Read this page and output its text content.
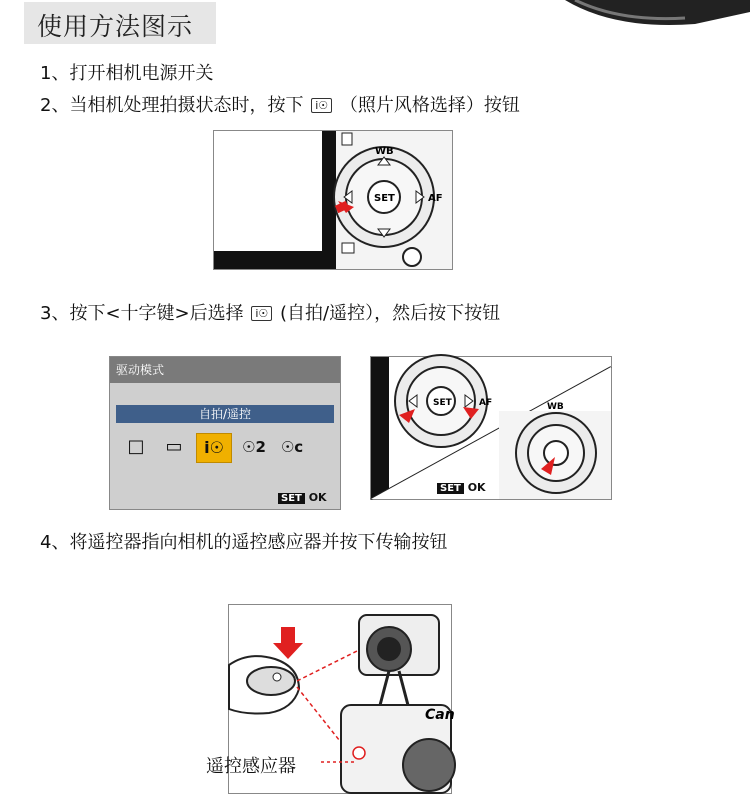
使用方法图示
1、打开相机电源开关
2、当相机处理拍摄状态时，按下 i☉ （照片风格选择）按钮
WB
SET	AF
3、按下<十字键>后选择 i☉ (自拍/遥控），然后按下按钮
驱动模式
自拍/遥控
□	▭	i☉	☉2 ☉c
SET OK
SET	AF	WB
SET OK
4、将遥控器指向相机的遥控感应器并按下传输按钮
Can
遥控感应器
